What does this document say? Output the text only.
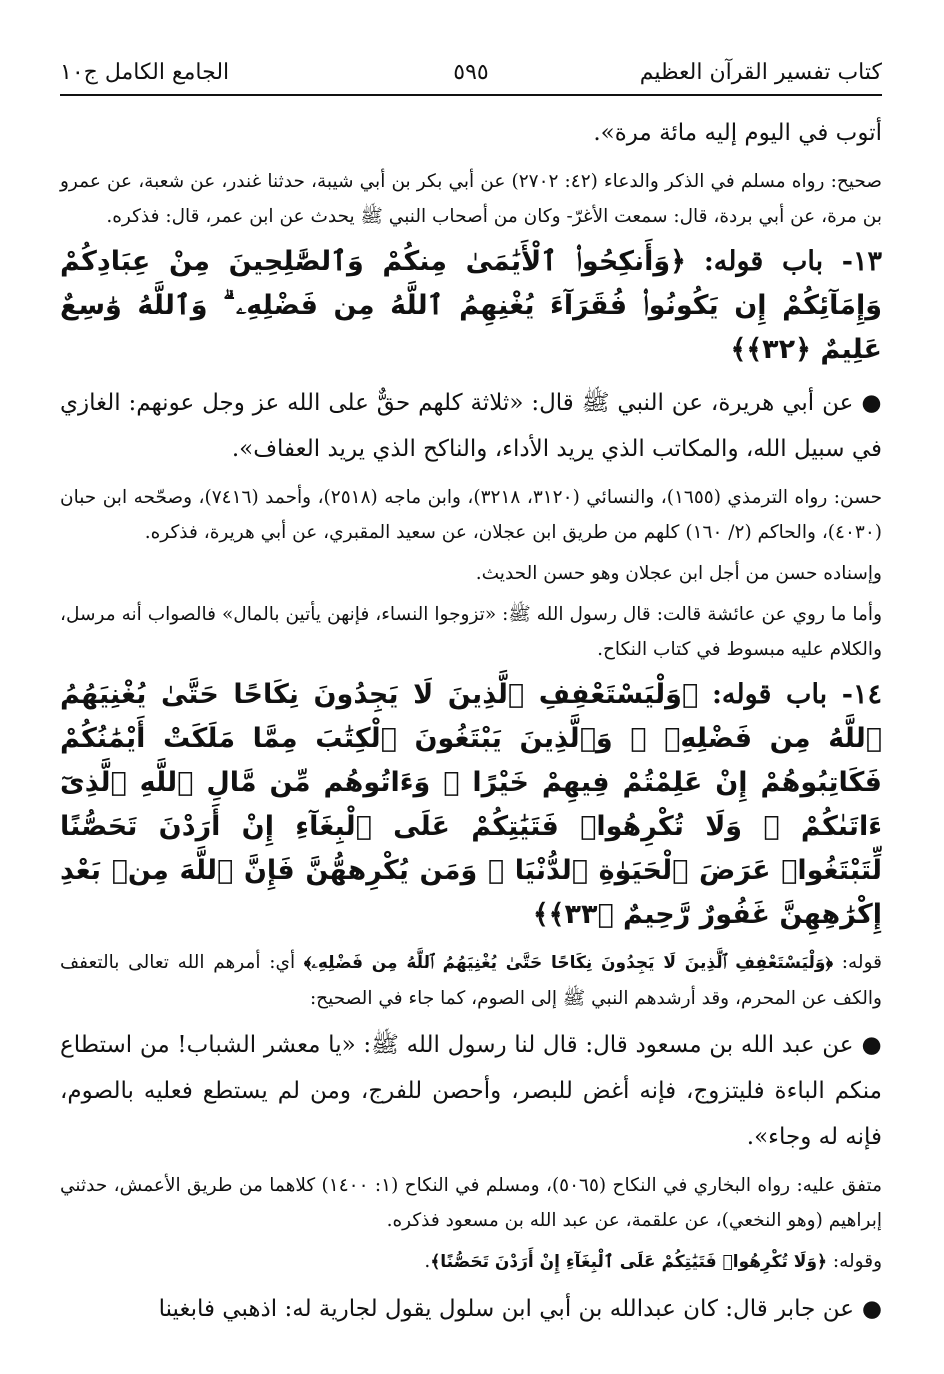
كتاب تفسير القرآن العظيم
٥٩٥
الجامع الكامل ج١٠

أتوب في اليوم إليه مائة مرة».

صحيح: رواه مسلم في الذكر والدعاء (٤٢: ٢٧٠٢) عن أبي بكر بن أبي شيبة، حدثنا غندر، عن شعبة، عن عمرو بن مرة، عن أبي بردة، قال: سمعت الأغرّ- وكان من أصحاب النبي ﷺ يحدث عن ابن عمر، قال: فذكره.

١٣- باب قوله: ﴿وَأَنكِحُوا۟ ٱلْأَيَٰمَىٰ مِنكُمْ وَٱلصَّٰلِحِينَ مِنْ عِبَادِكُمْ وَإِمَآئِكُمْ إِن يَكُونُوا۟ فُقَرَآءَ يُغْنِهِمُ ٱللَّهُ مِن فَضْلِهِۦ ۗ وَٱللَّهُ وَٰسِعٌ عَلِيمٌ ﴿٣٢﴾﴾

●عن أبي هريرة، عن النبي ﷺ قال: «ثلاثة كلهم حقٌّ على الله عز وجل عونهم: الغازي في سبيل الله، والمكاتب الذي يريد الأداء، والناكح الذي يريد العفاف».

حسن: رواه الترمذي (١٦٥٥)، والنسائي (٣١٢٠، ٣٢١٨)، وابن ماجه (٢٥١٨)، وأحمد (٧٤١٦)، وصحّحه ابن حبان (٤٠٣٠)، والحاكم (٢/ ١٦٠) كلهم من طريق ابن عجلان، عن سعيد المقبري، عن أبي هريرة، فذكره.

وإسناده حسن من أجل ابن عجلان وهو حسن الحديث.

وأما ما روي عن عائشة قالت: قال رسول الله ﷺ: «تزوجوا النساء، فإنهن يأتين بالمال» فالصواب أنه مرسل، والكلام عليه مبسوط في كتاب النكاح.

١٤- باب قوله: ﴿وَلْيَسْتَعْفِفِ ٱلَّذِينَ لَا يَجِدُونَ نِكَاحًا حَتَّىٰ يُغْنِيَهُمُ ٱللَّهُ مِن فَضْلِهِۦ ۗ وَٱلَّذِينَ يَبْتَغُونَ ٱلْكِتَٰبَ مِمَّا مَلَكَتْ أَيْمَٰنُكُمْ فَكَاتِبُوهُمْ إِنْ عَلِمْتُمْ فِيهِمْ خَيْرًا ۖ وَءَاتُوهُم مِّن مَّالِ ٱللَّهِ ٱلَّذِىٓ ءَاتَىٰكُمْ ۚ وَلَا تُكْرِهُوا۟ فَتَيَٰتِكُمْ عَلَى ٱلْبِغَآءِ إِنْ أَرَدْنَ تَحَصُّنًا لِّتَبْتَغُوا۟ عَرَضَ ٱلْحَيَوٰةِ ٱلدُّنْيَا ۚ وَمَن يُكْرِههُّنَّ فَإِنَّ ٱللَّهَ مِنۢ بَعْدِ إِكْرَٰهِهِنَّ غَفُورٌ رَّحِيمٌ ﴿٣٣﴾﴾

قوله: ﴿وَلْيَسْتَعْفِفِ ٱلَّذِينَ لَا يَجِدُونَ نِكَاحًا حَتَّىٰ يُغْنِيَهُمُ ٱللَّهُ مِن فَضْلِهِۦ﴾ أي: أمرهم الله تعالى بالتعفف والكف عن المحرم، وقد أرشدهم النبي ﷺ إلى الصوم، كما جاء في الصحيح:

●عن عبد الله بن مسعود قال: قال لنا رسول الله ﷺ: «يا معشر الشباب! من استطاع منكم الباءة فليتزوج، فإنه أغض للبصر، وأحصن للفرج، ومن لم يستطع فعليه بالصوم، فإنه له وجاء».

متفق عليه: رواه البخاري في النكاح (٥٠٦٥)، ومسلم في النكاح (١: ١٤٠٠) كلاهما من طريق الأعمش، حدثني إبراهيم (وهو النخعي)، عن علقمة، عن عبد الله بن مسعود فذكره.

وقوله: ﴿وَلَا تُكْرِهُوا۟ فَتَيَٰتِكُمْ عَلَى ٱلْبِغَآءِ إِنْ أَرَدْنَ تَحَصُّنًا﴾.

●عن جابر قال: كان عبدالله بن أبي ابن سلول يقول لجارية له: اذهبي فابغينا
